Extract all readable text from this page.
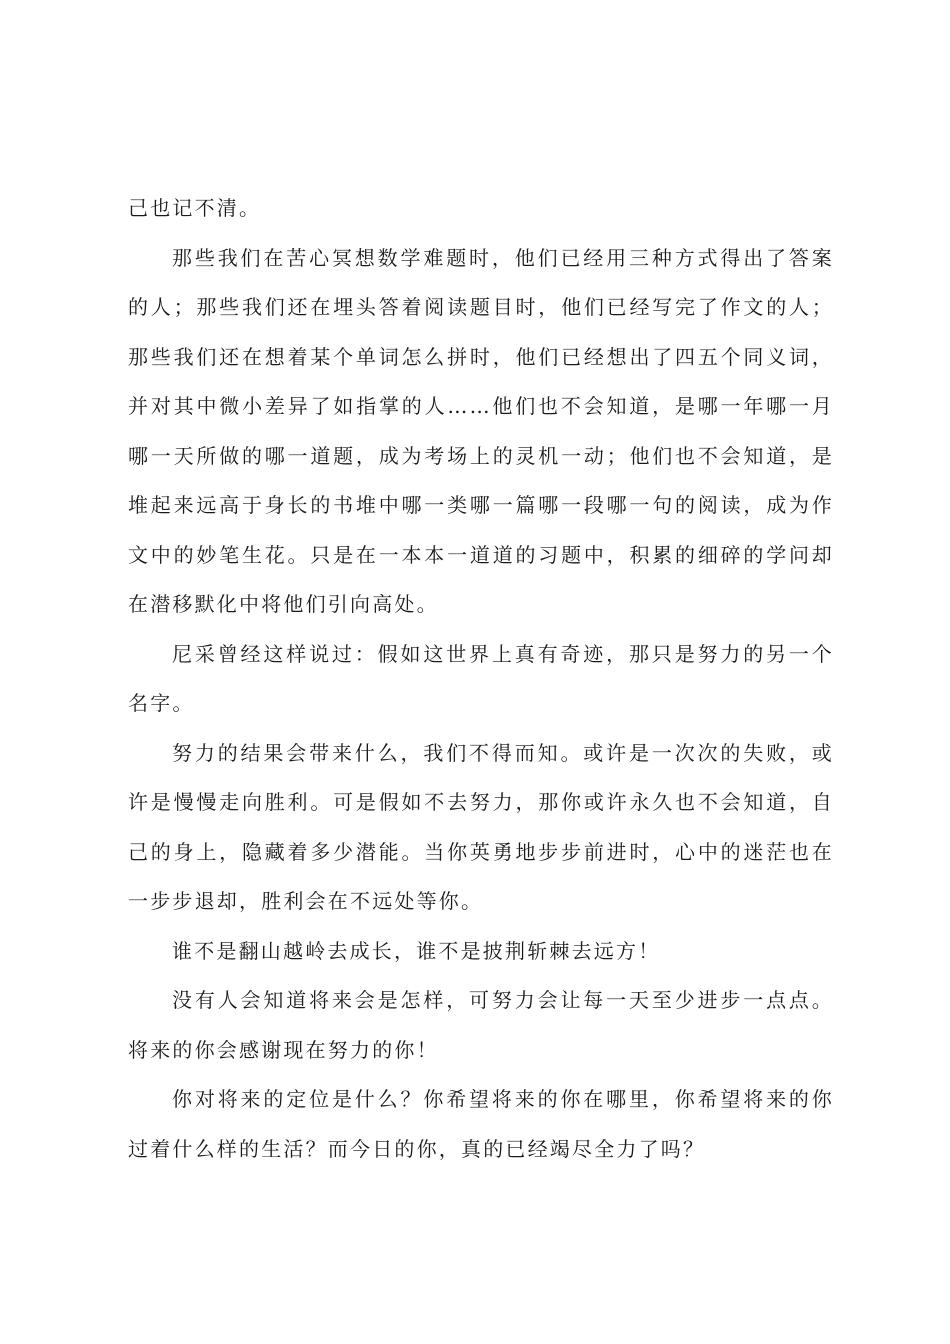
己也记不清。

那些我们在苦心冥想数学难题时，他们已经用三种方式得出了答案的人；那些我们还在埋头答着阅读题目时，他们已经写完了作文的人；那些我们还在想着某个单词怎么拼时，他们已经想出了四五个同义词，并对其中微小差异了如指掌的人……他们也不会知道，是哪一年哪一月哪一天所做的哪一道题，成为考场上的灵机一动；他们也不会知道，是堆起来远高于身长的书堆中哪一类哪一篇哪一段哪一句的阅读，成为作文中的妙笔生花。只是在一本本一道道的习题中，积累的细碎的学问却在潜移默化中将他们引向高处。

尼采曾经这样说过：假如这世界上真有奇迹，那只是努力的另一个名字。

努力的结果会带来什么，我们不得而知。或许是一次次的失败，或许是慢慢走向胜利。可是假如不去努力，那你或许永久也不会知道，自己的身上，隐藏着多少潜能。当你英勇地步步前进时，心中的迷茫也在一步步退却，胜利会在不远处等你。

谁不是翻山越岭去成长，谁不是披荆斩棘去远方！

没有人会知道将来会是怎样，可努力会让每一天至少进步一点点。将来的你会感谢现在努力的你！

你对将来的定位是什么？你希望将来的你在哪里，你希望将来的你过着什么样的生活？而今日的你，真的已经竭尽全力了吗？
